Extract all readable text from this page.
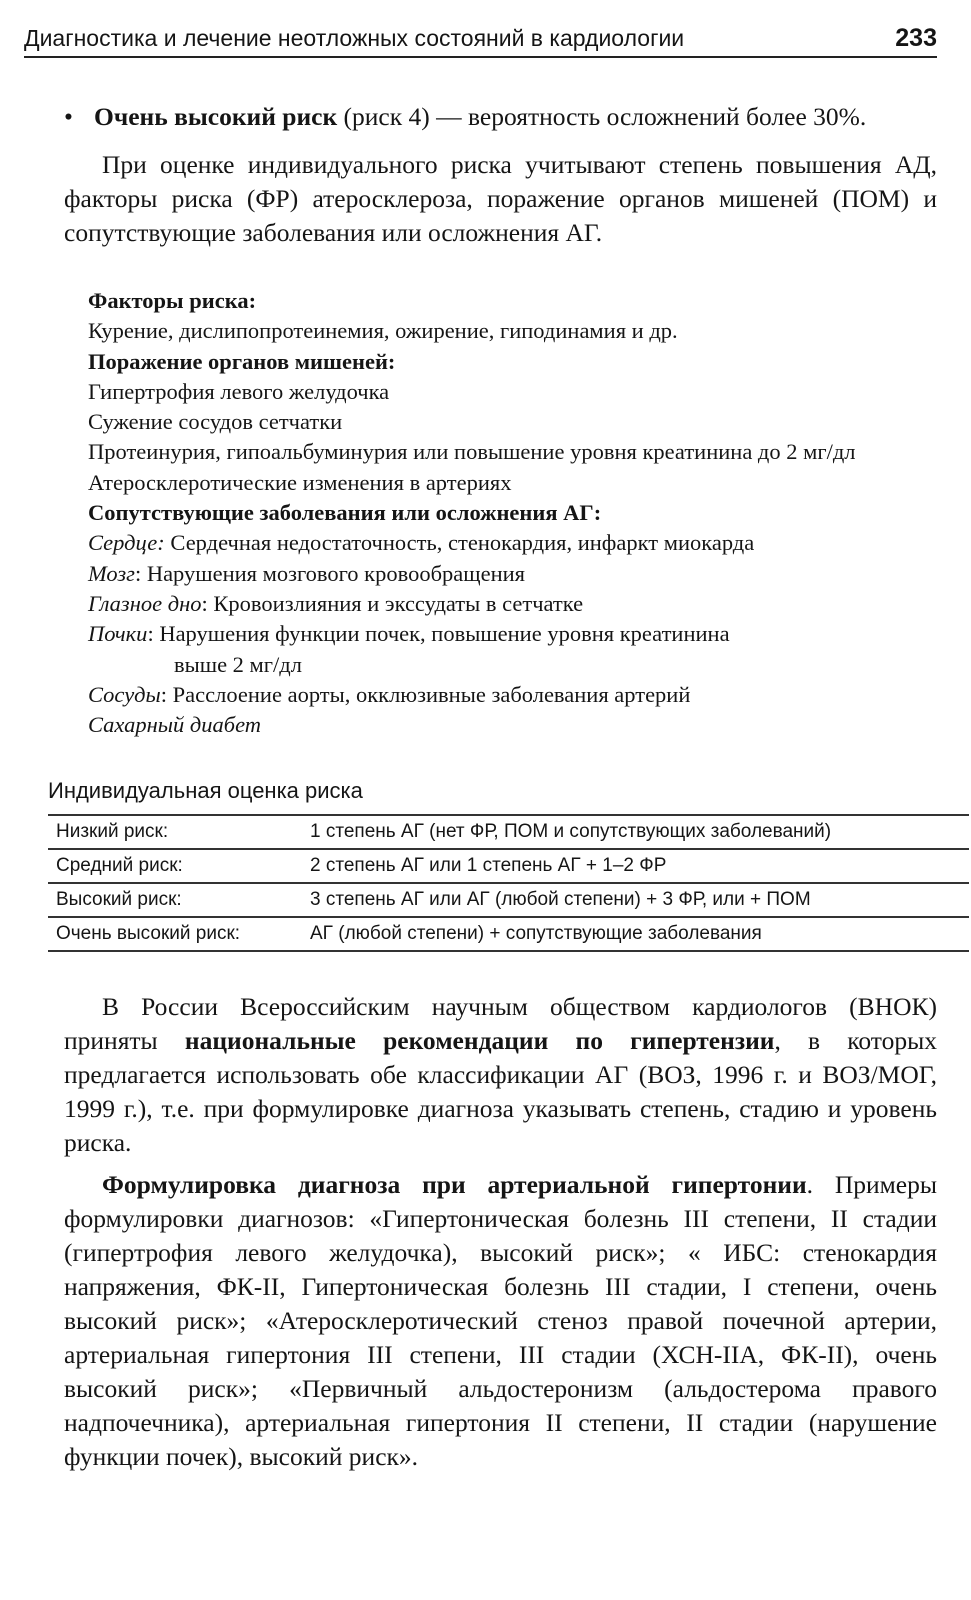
Диагностика и лечение неотложных состояний в кардиологии	233
• Очень высокий риск (риск 4) — вероятность осложнений более 30%.

При оценке индивидуального риска учитывают степень повышения АД, факторы риска (ФР) атеросклероза, поражение органов мишеней (ПОМ) и сопутствующие заболевания или осложнения АГ.

Факторы риска:
Курение, дислипопротеинемия, ожирение, гиподинамия и др.
Поражение органов мишеней:
Гипертрофия левого желудочка
Сужение сосудов сетчатки
Протеинурия, гипоальбуминурия или повышение уровня креатинина до 2 мг/дл
Атеросклеротические изменения в артериях
Сопутствующие заболевания или осложнения АГ:
Сердце: Сердечная недостаточность, стенокардия, инфаркт миокарда
Мозг: Нарушения мозгового кровообращения
Глазное дно: Кровоизлияния и экссудаты в сетчатке
Почки: Нарушения функции почек, повышение уровня креатинина
выше 2 мг/дл
Сосуды: Расслоение аорты, окклюзивные заболевания артерий
Сахарный диабет
Индивидуальная оценка риска
Низкий риск:	1 степень АГ (нет ФР, ПОМ и сопутствующих заболеваний)
Средний риск:	2 степень АГ или 1 степень АГ + 1–2 ФР
Высокий риск:	3 степень АГ или АГ (любой степени) + 3 ФР, или + ПОМ
Очень высокий риск:	АГ (любой степени) + сопутствующие заболевания

В России Всероссийским научным обществом кардиологов (ВНОК) приняты национальные рекомендации по гипертензии, в которых предлагается использовать обе классификации АГ (ВОЗ, 1996 г. и ВОЗ/МОГ, 1999 г.), т.е. при формулировке диагноза указывать степень, стадию и уровень риска.

Формулировка диагноза при артериальной гипертонии. Примеры формулировки диагнозов: «Гипертоническая болезнь III степени, II стадии (гипертрофия левого желудочка), высокий риск»; « ИБС: стенокардия напряжения, ФК-II, Гипертоническая болезнь III стадии, I степени, очень высокий риск»; «Атеросклеротический стеноз правой почечной артерии, артериальная гипертония III степени, III стадии (ХСН-IIA, ФК-II), очень высокий риск»; «Первичный альдостеронизм (альдостерома правого надпочечника), артериальная гипертония II степени, II стадии (нарушение функции почек), высокий риск».
